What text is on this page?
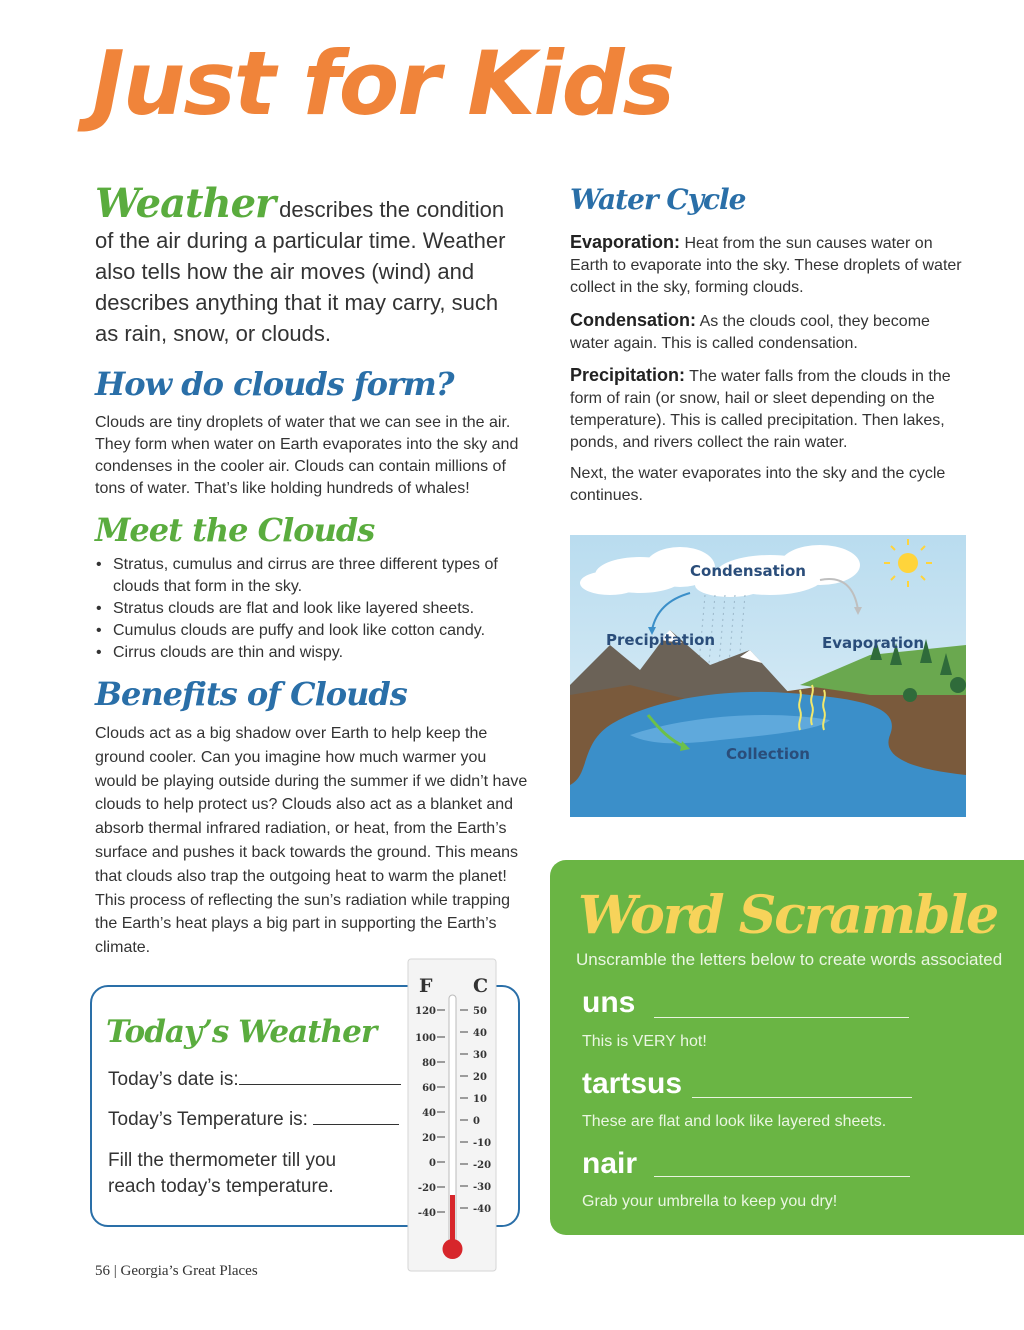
Just for Kids
Weather describes the condition of the air during a particular time. Weather also tells how the air moves (wind) and describes anything that it may carry, such as rain, snow, or clouds.
How do clouds form?
Clouds are tiny droplets of water that we can see in the air. They form when water on Earth evaporates into the sky and condenses in the cooler air. Clouds can contain millions of tons of water. That’s like holding hundreds of whales!
Meet the Clouds
• Stratus, cumulus and cirrus are three different types of clouds that form in the sky.
• Stratus clouds are flat and look like layered sheets.
• Cumulus clouds are puffy and look like cotton candy.
• Cirrus clouds are thin and wispy.
Benefits of Clouds
Clouds act as a big shadow over Earth to help keep the ground cooler. Can you imagine how much warmer you would be playing outside during the summer if we didn’t have clouds to help protect us? Clouds also act as a blanket and absorb thermal infrared radiation, or heat, from the Earth’s surface and pushes it back towards the ground. This means that clouds also trap the outgoing heat to warm the planet! This process of reflecting the sun’s radiation while trapping the Earth’s heat plays a big part in supporting the Earth’s climate.
Water Cycle
Evaporation: Heat from the sun causes water on Earth to evaporate into the sky. These droplets of water collect in the sky, forming clouds.
Condensation: As the clouds cool, they become water again. This is called condensation.
Precipitation: The water falls from the clouds in the form of rain (or snow, hail or sleet depending on the temperature). This is called precipitation. Then lakes, ponds, and rivers collect the rain water.
Next, the water evaporates into the sky and the cycle continues.
Condensation
Precipitation	Evaporation
Collection
Today’s Weather
Today’s date is:
Today’s Temperature is:
Fill the thermometer till you reach today’s temperature.
F C
120
100
80
60
40
20
0
-20
-40
50
40
30
20
10
0
-10
-20
-30
-40
Word Scramble
Unscramble the letters below to create words associated
uns
This is VERY hot!
tartsus
These are flat and look like layered sheets.
nair
Grab your umbrella to keep you dry!
56 | Georgia’s Great Places
